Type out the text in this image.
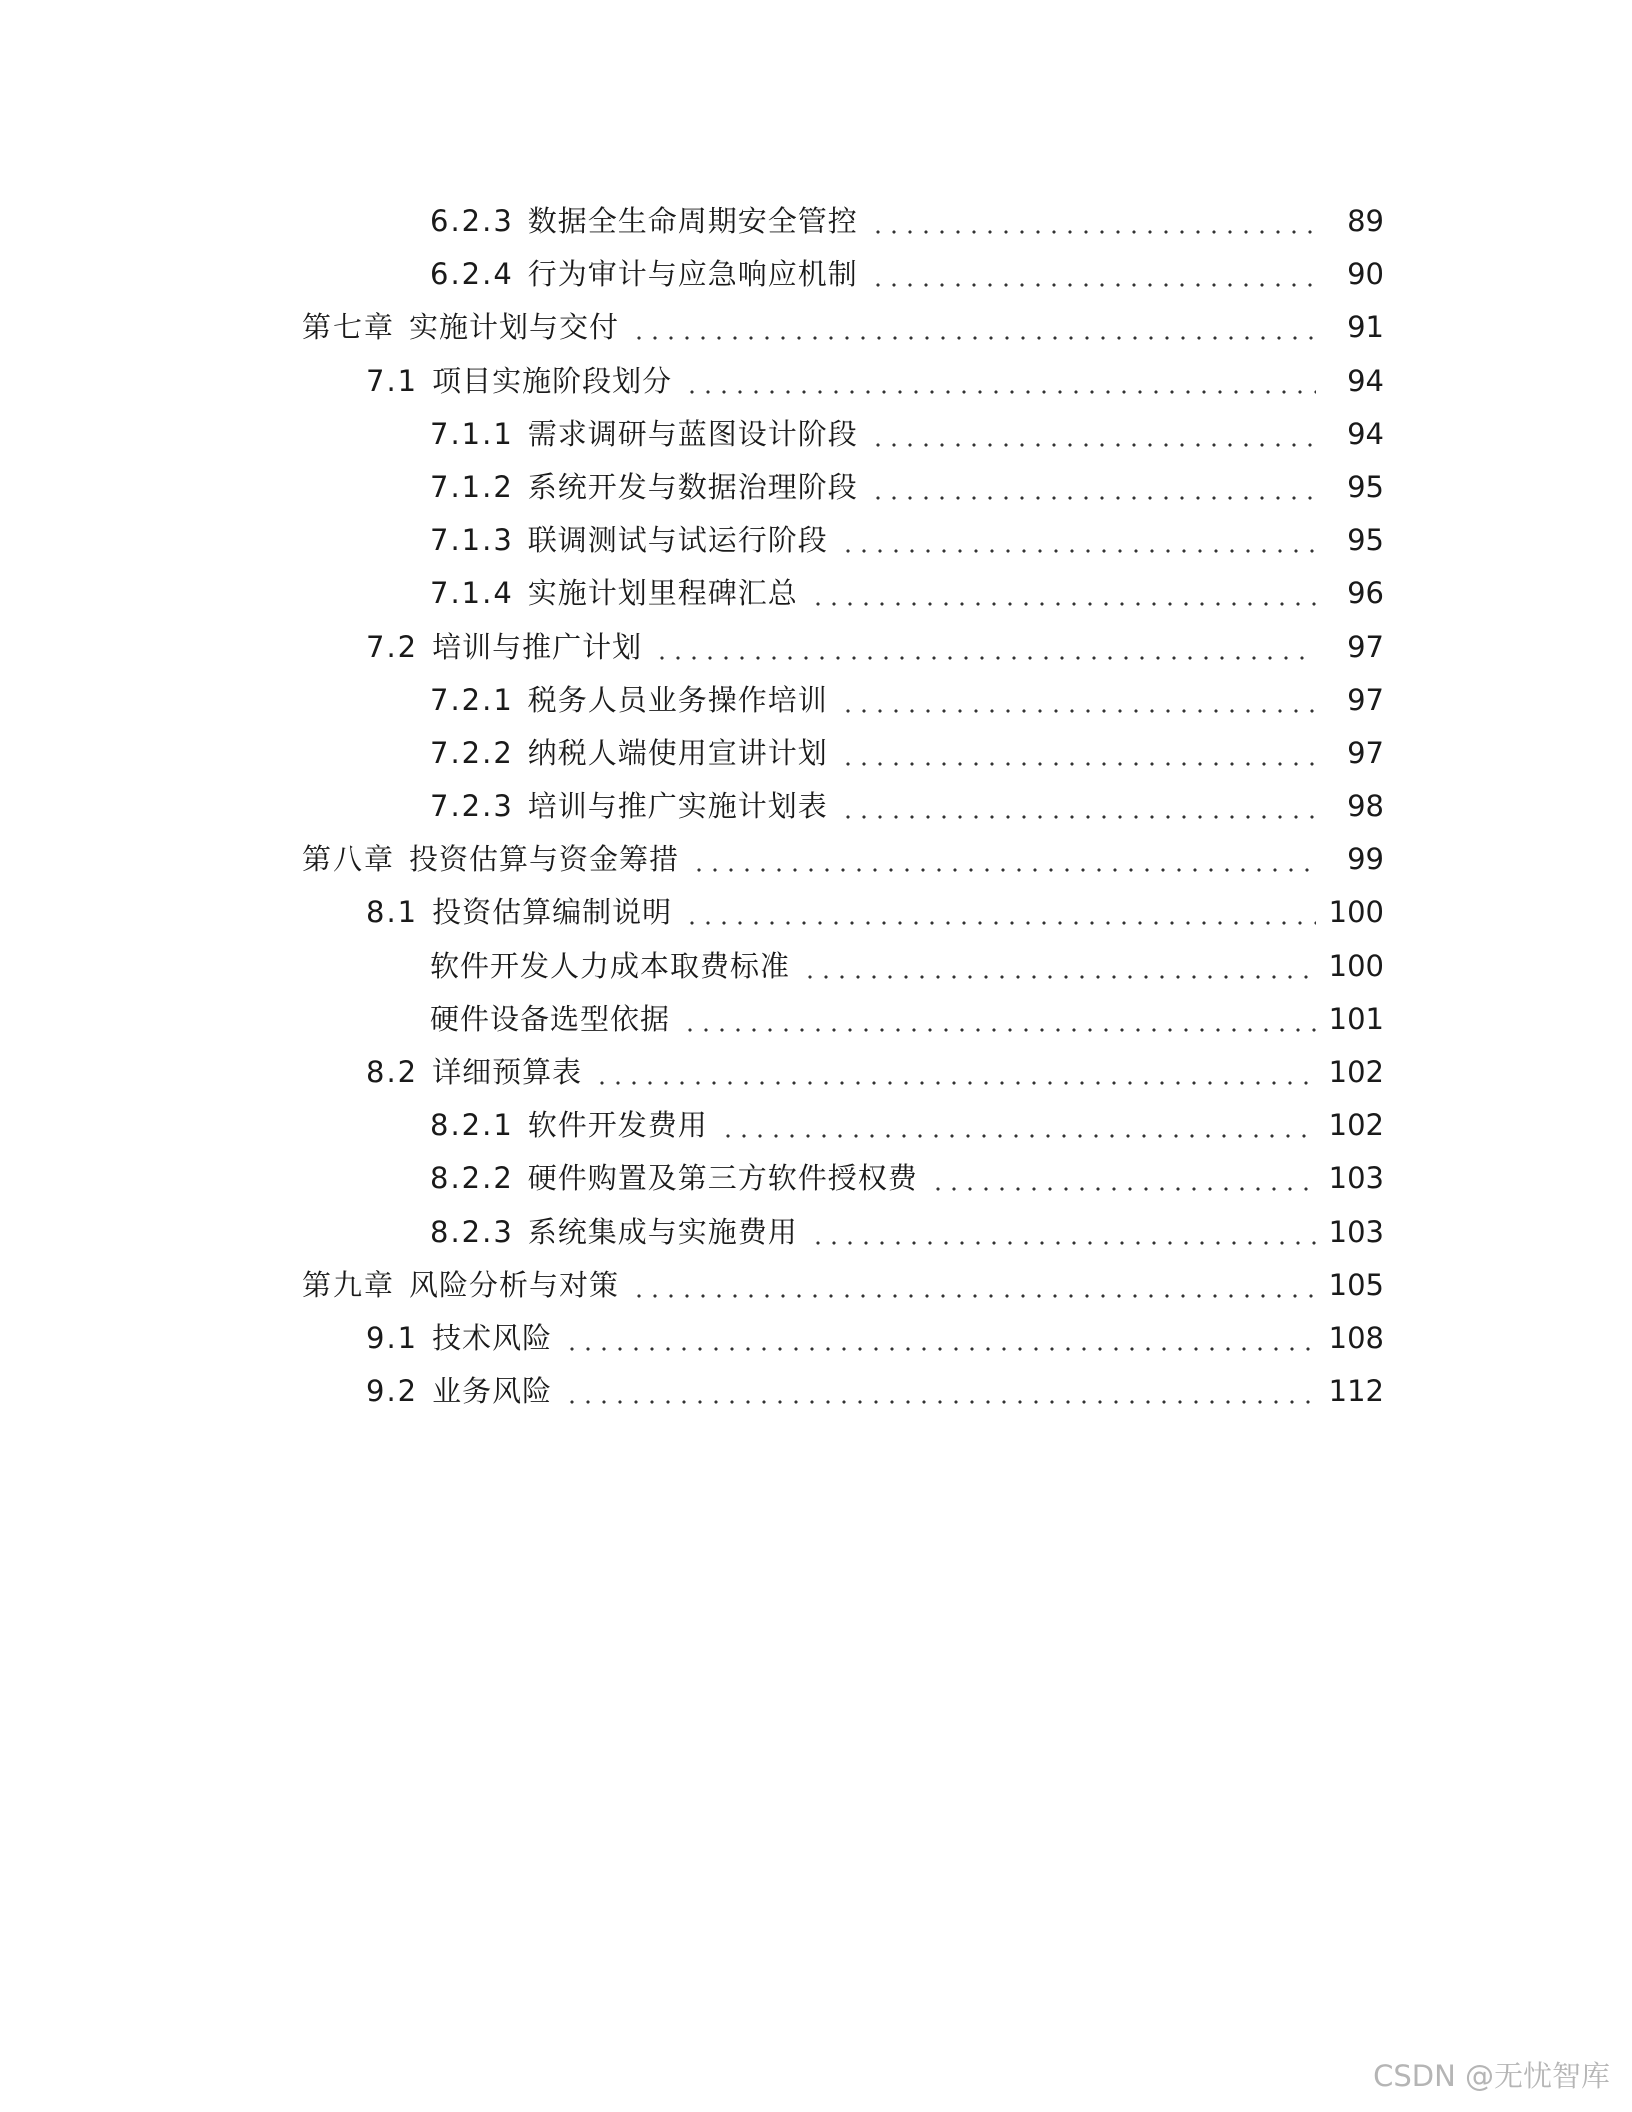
6.2.3 数据全生命周期安全管控	89
6.2.4 行为审计与应急响应机制	90
第七章 实施计划与交付	91
7.1 项目实施阶段划分	94
7.1.1 需求调研与蓝图设计阶段	94
7.1.2 系统开发与数据治理阶段	95
7.1.3 联调测试与试运行阶段	95
7.1.4 实施计划里程碑汇总	96
7.2 培训与推广计划	97
7.2.1 税务人员业务操作培训	97
7.2.2 纳税人端使用宣讲计划	97
7.2.3 培训与推广实施计划表	98
第八章 投资估算与资金筹措	99
8.1 投资估算编制说明	100
软件开发人力成本取费标准	100
硬件设备选型依据	101
8.2 详细预算表	102
8.2.1 软件开发费用	102
8.2.2 硬件购置及第三方软件授权费	103
8.2.3 系统集成与实施费用	103
第九章 风险分析与对策	105
9.1 技术风险	108
9.2 业务风险	112
CSDN @无忧智库
